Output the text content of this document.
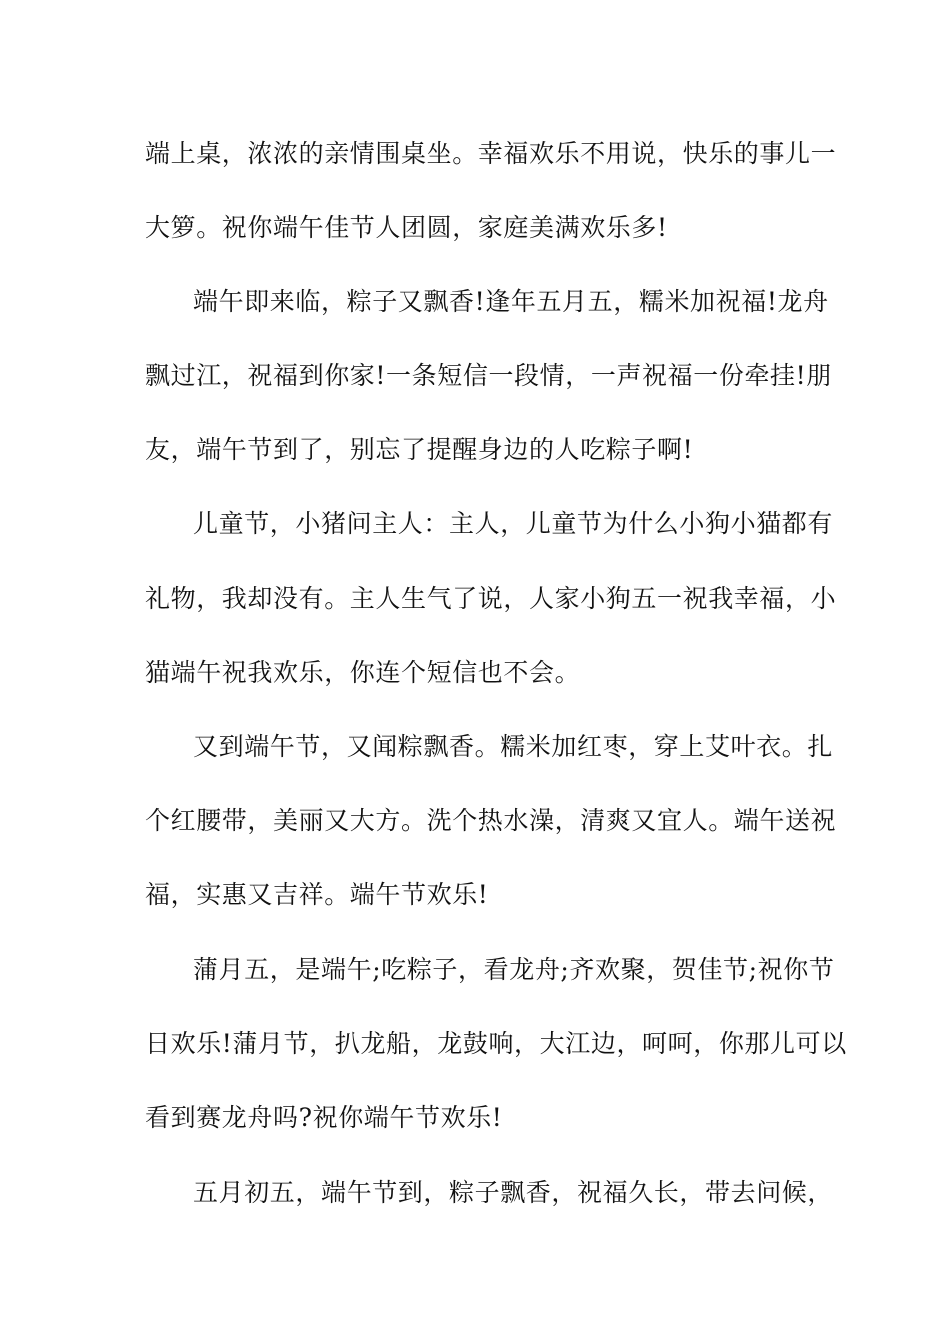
端上桌，浓浓的亲情围桌坐。幸福欢乐不用说，快乐的事儿一
大箩。祝你端午佳节人团圆，家庭美满欢乐多!
端午即来临，粽子又飘香!逢年五月五，糯米加祝福!龙舟
飘过江，祝福到你家!一条短信一段情，一声祝福一份牵挂!朋
友，端午节到了，别忘了提醒身边的人吃粽子啊!
儿童节，小猪问主人：主人，儿童节为什么小狗小猫都有
礼物，我却没有。主人生气了说，人家小狗五一祝我幸福，小
猫端午祝我欢乐，你连个短信也不会。
又到端午节，又闻粽飘香。糯米加红枣，穿上艾叶衣。扎
个红腰带，美丽又大方。洗个热水澡，清爽又宜人。端午送祝
福，实惠又吉祥。端午节欢乐!
蒲月五，是端午;吃粽子，看龙舟;齐欢聚，贺佳节;祝你节
日欢乐!蒲月节，扒龙船，龙鼓响，大江边，呵呵，你那儿可以
看到赛龙舟吗?祝你端午节欢乐!
五月初五，端午节到，粽子飘香，祝福久长，带去问候，
